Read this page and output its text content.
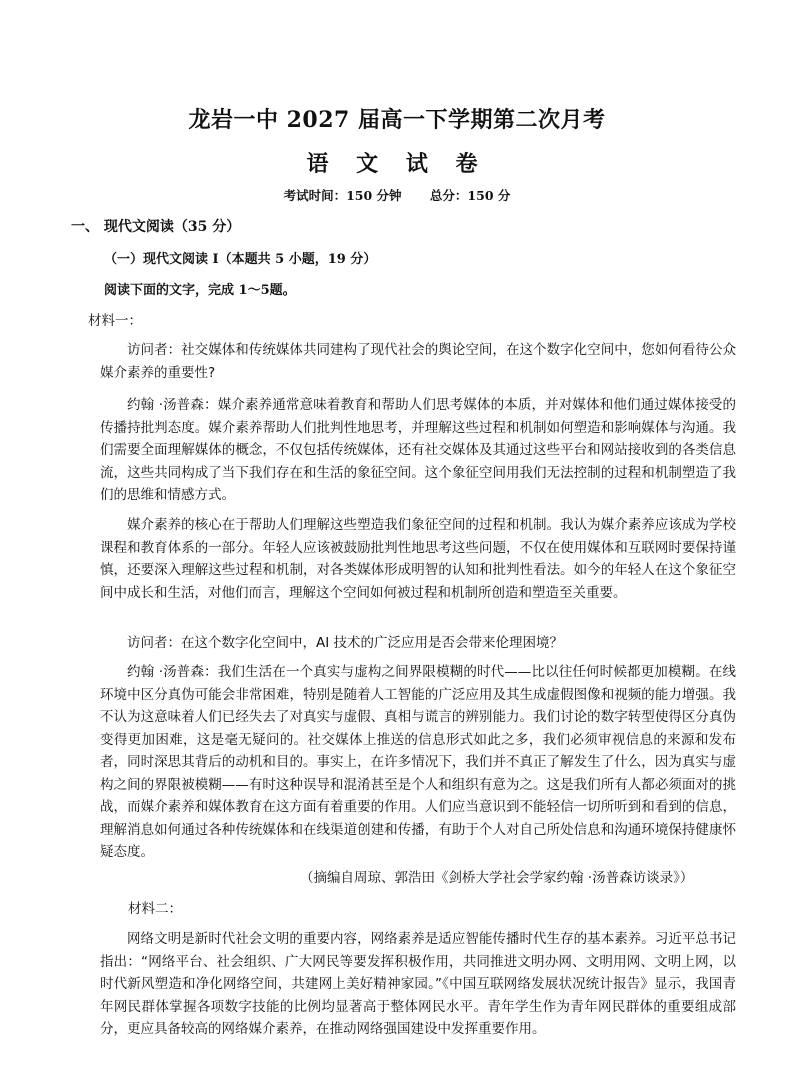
龙岩一中 2027 届高一下学期第二次月考
语 文 试 卷
考试时间：150 分钟 总分：150 分
一、 现代文阅读（35 分）
（一）现代文阅读 I（本题共 5 小题，19 分）
阅读下面的文字，完成 1～5题。
材料一：
访问者：社交媒体和传统媒体共同建构了现代社会的舆论空间，在这个数字化空间中，您如何看待公众媒介素养的重要性?
约翰 ·汤普森：媒介素养通常意味着教育和帮助人们思考媒体的本质，并对媒体和他们通过媒体接受的传播持批判态度。媒介素养帮助人们批判性地思考，并理解这些过程和机制如何塑造和影响媒体与沟通。我们需要全面理解媒体的概念，不仅包括传统媒体，还有社交媒体及其通过这些平台和网站接收到的各类信息流，这些共同构成了当下我们存在和生活的象征空间。这个象征空间用我们无法控制的过程和机制塑造了我们的思维和情感方式。
媒介素养的核心在于帮助人们理解这些塑造我们象征空间的过程和机制。我认为媒介素养应该成为学校课程和教育体系的一部分。年轻人应该被鼓励批判性地思考这些问题，不仅在使用媒体和互联网时要保持谨慎，还要深入理解这些过程和机制，对各类媒体形成明智的认知和批判性看法。如今的年轻人在这个象征空间中成长和生活，对他们而言，理解这个空间如何被过程和机制所创造和塑造至关重要。
访问者：在这个数字化空间中，AI 技术的广泛应用是否会带来伦理困境？
约翰 ·汤普森：我们生活在一个真实与虚构之间界限模糊的时代——比以往任何时候都更加模糊。在线环境中区分真伪可能会非常困难，特别是随着人工智能的广泛应用及其生成虚假图像和视频的能力增强。我不认为这意味着人们已经失去了对真实与虚假、真相与谎言的辨别能力。我们讨论的数字转型使得区分真伪变得更加困难，这是毫无疑问的。社交媒体上推送的信息形式如此之多，我们必须审视信息的来源和发布者，同时深思其背后的动机和目的。事实上，在许多情况下，我们并不真正了解发生了什么，因为真实与虚构之间的界限被模糊——有时这种误导和混淆甚至是个人和组织有意为之。这是我们所有人都必须面对的挑战，而媒介素养和媒体教育在这方面有着重要的作用。人们应当意识到不能轻信一切所听到和看到的信息，理解消息如何通过各种传统媒体和在线渠道创建和传播，有助于个人对自己所处信息和沟通环境保持健康怀疑态度。
（摘编自周琼、郭浩田《剑桥大学社会学家约翰 ·汤普森访谈录》）
材料二：
网络文明是新时代社会文明的重要内容，网络素养是适应智能传播时代生存的基本素养。习近平总书记指出：“网络平台、社会组织、广大网民等要发挥积极作用，共同推进文明办网、文明用网、文明上网，以时代新风塑造和净化网络空间，共建网上美好精神家园。”《中国互联网络发展状况统计报告》显示，我国青年网民群体掌握各项数字技能的比例均显著高于整体网民水平。青年学生作为青年网民群体的重要组成部分，更应具备较高的网络媒介素养，在推动网络强国建设中发挥重要作用。
